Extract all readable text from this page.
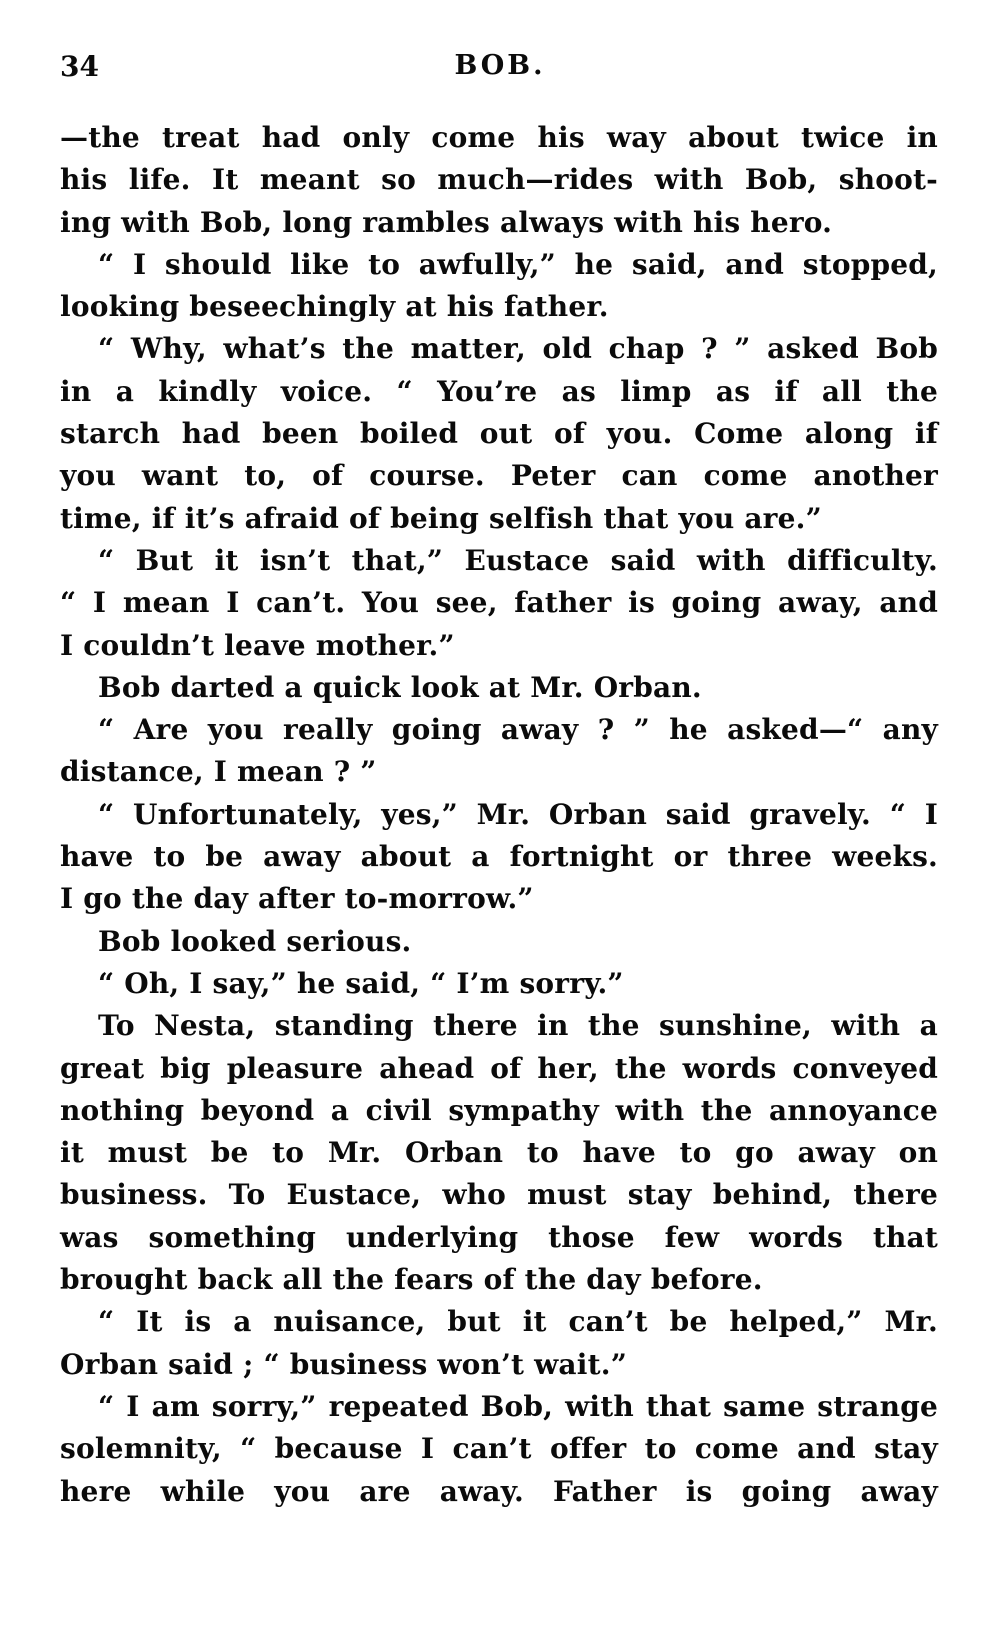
34	BOB.

—the treat had only come his way about twice in
his life. It meant so much—rides with Bob, shoot-
ing with Bob, long rambles always with his hero.

“ I should like to awfully,” he said, and stopped,
looking beseechingly at his father.

“ Why, what’s the matter, old chap ? ” asked Bob
in a kindly voice. “ You’re as limp as if all the
starch had been boiled out of you. Come along if
you want to, of course. Peter can come another
time, if it’s afraid of being selfish that you are.”

“ But it isn’t that,” Eustace said with difficulty.
“ I mean I can’t. You see, father is going away, and
I couldn’t leave mother.”

Bob darted a quick look at Mr. Orban.

“ Are you really going away ? ” he asked—“ any
distance, I mean ? ”

“ Unfortunately, yes,” Mr. Orban said gravely. “ I
have to be away about a fortnight or three weeks.
I go the day after to-morrow.”

Bob looked serious.

“ Oh, I say,” he said, “ I’m sorry.”

To Nesta, standing there in the sunshine, with a
great big pleasure ahead of her, the words conveyed
nothing beyond a civil sympathy with the annoyance
it must be to Mr. Orban to have to go away on
business. To Eustace, who must stay behind, there
was something underlying those few words that
brought back all the fears of the day before.

“ It is a nuisance, but it can’t be helped,” Mr.
Orban said ; “ business won’t wait.”

“ I am sorry,” repeated Bob, with that same strange
solemnity, “ because I can’t offer to come and stay
here while you are away. Father is going away
